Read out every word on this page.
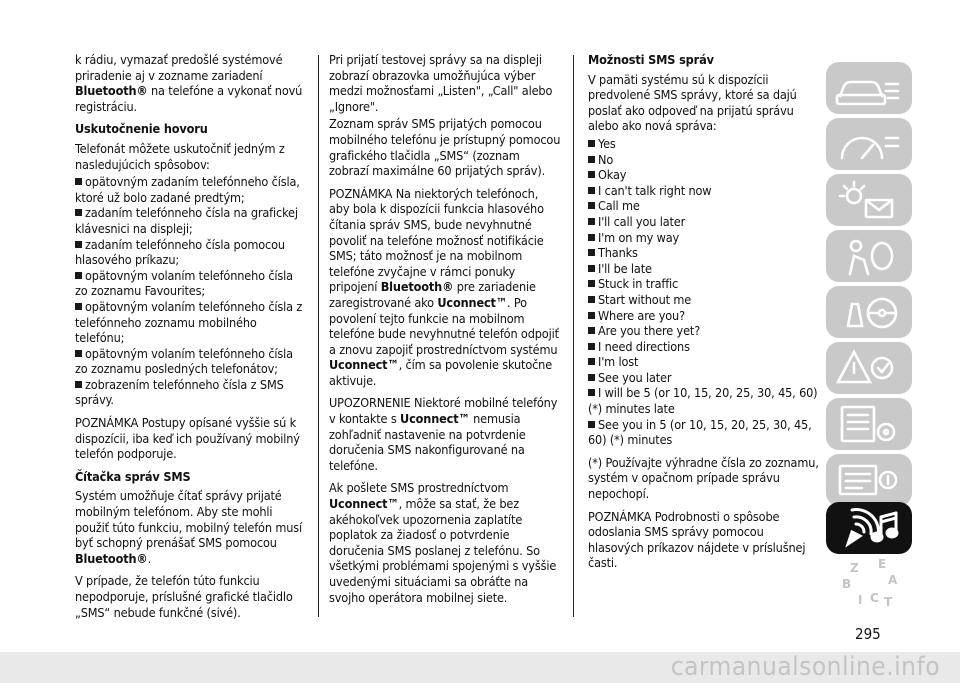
k rádiu, vymazať predošlé systémové priradenie aj v zozname zariadení Bluetooth® na telefóne a vykonať novú registráciu.

Uskutočnenie hovoru

Telefonát môžete uskutočniť jedným z nasledujúcich spôsobov:

opätovným zadaním telefónneho čísla, ktoré už bolo zadané predtým;
zadaním telefónneho čísla na grafickej klávesnici na displeji;
zadaním telefónneho čísla pomocou hlasového príkazu;
opätovným volaním telefónneho čísla zo zoznamu Favourites;
opätovným volaním telefónneho čísla z telefónneho zoznamu mobilného telefónu;
opätovným volaním telefónneho čísla zo zoznamu posledných telefonátov;
zobrazením telefónneho čísla z SMS správy.

POZNÁMKA Postupy opísané vyššie sú k dispozícii, iba keď ich používaný mobilný telefón podporuje.

Čítačka správ SMS

Systém umožňuje čítať správy prijaté mobilným telefónom. Aby ste mohli použiť túto funkciu, mobilný telefón musí byť schopný prenášať SMS pomocou Bluetooth®.

V prípade, že telefón túto funkciu nepodporuje, príslušné grafické tlačidlo „SMS“ nebude funkčné (sivé).

Pri prijatí testovej správy sa na displeji zobrazí obrazovka umožňujúca výber medzi možnosťami „Listen", „Call" alebo „Ignore".

Zoznam správ SMS prijatých pomocou mobilného telefónu je prístupný pomocou grafického tlačidla „SMS“ (zoznam zobrazí maximálne 60 prijatých správ).

POZNÁMKA Na niektorých telefónoch, aby bola k dispozícii funkcia hlasového čítania správ SMS, bude nevyhnutné povoliť na telefóne možnosť notifikácie SMS; táto možnosť je na mobilnom telefóne zvyčajne v rámci ponuky pripojení Bluetooth® pre zariadenie zaregistrované ako Uconnect™. Po povolení tejto funkcie na mobilnom telefóne bude nevyhnutné telefón odpojiť a znovu zapojiť prostredníctvom systému Uconnect™, čím sa povolenie skutočne aktivuje.

UPOZORNENIE Niektoré mobilné telefóny v kontakte s Uconnect™ nemusia zohľadniť nastavenie na potvrdenie doručenia SMS nakonfigurované na telefóne.

Ak pošlete SMS prostredníctvom Uconnect™, môže sa stať, že bez akéhokoľvek upozornenia zaplatíte poplatok za žiadosť o potvrdenie doručenia SMS poslanej z telefónu. So všetkými problémami spojenými s vyššie uvedenými situáciami sa obráťte na svojho operátora mobilnej siete.

Možnosti SMS správ

V pamäti systému sú k dispozícii predvolené SMS správy, ktoré sa dajú poslať ako odpoveď na prijatú správu alebo ako nová správa:

Yes
No
Okay
I can't talk right now
Call me
I'll call you later
I'm on my way
Thanks
I'll be late
Stuck in traffic
Start without me
Where are you?
Are you there yet?
I need directions
I'm lost
See you later
I will be 5 (or 10, 15, 20, 25, 30, 45, 60) (*) minutes late
See you in 5 (or 10, 15, 20, 25, 30, 45, 60) (*) minutes

(*) Používajte výhradne čísla zo zoznamu, systém v opačnom prípade správu nepochopí.

POZNÁMKA Podrobnosti o spôsobe odoslania SMS správy pomocou hlasových príkazov nájdete v príslušnej časti.	Z E
B	A
I C T
295
carmanualsonline.info
